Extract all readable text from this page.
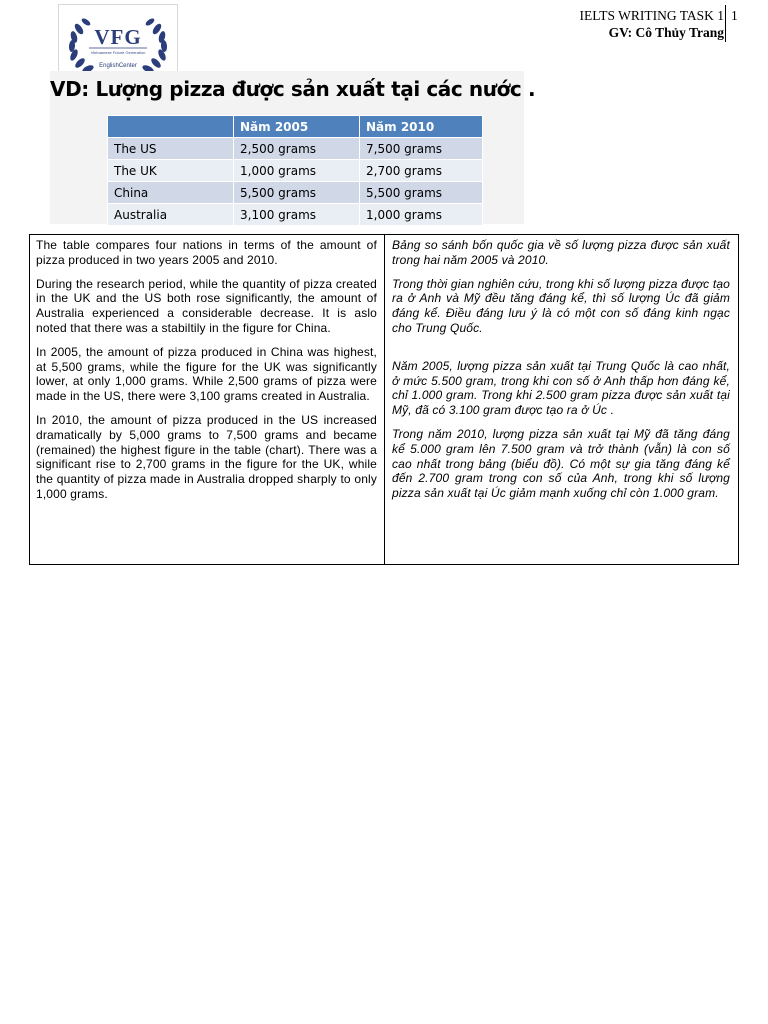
VFG
Vietnamese Future Generation
EnglishCenter
IELTS WRITING TASK 1
GV: Cô Thủy Trang
1
VD: Lượng pizza được sản xuất tại các nước .
	Năm 2005	Năm 2010
The US	2,500 grams	7,500 grams
The UK	1,000 grams	2,700 grams
China	5,500 grams	5,500 grams
Australia	3,100 grams	1,000 grams

The table compares four nations in terms of the amount of pizza produced in two years 2005 and 2010.

During the research period, while the quantity of pizza created in the UK and the US both rose significantly, the amount of Australia experienced a considerable decrease. It is aslo noted that there was a stabiltily in the figure for China.

In 2005, the amount of pizza produced in China was highest, at 5,500 grams, while the figure for the UK was significantly lower, at only 1,000 grams. While 2,500 grams of pizza were made in the US, there were 3,100 grams created in Australia.

In 2010, the amount of pizza produced in the US increased dramatically by 5,000 grams to 7,500 grams and became (remained) the highest figure in the table (chart). There was a significant rise to 2,700 grams in the figure for the UK, while the quantity of pizza made in Australia dropped sharply to only 1,000 grams.

Bảng so sánh bốn quốc gia về số lượng pizza được sản xuất trong hai năm 2005 và 2010.

Trong thời gian nghiên cứu, trong khi số lượng pizza được tạo ra ở Anh và Mỹ đều tăng đáng kể, thì số lượng Úc đã giảm đáng kể. Điều đáng lưu ý là có một con số đáng kinh ngạc cho Trung Quốc.

Năm 2005, lượng pizza sản xuất tại Trung Quốc là cao nhất, ở mức 5.500 gram, trong khi con số ở Anh thấp hơn đáng kể, chỉ 1.000 gram. Trong khi 2.500 gram pizza được sản xuất tại Mỹ, đã có 3.100 gram được tạo ra ở Úc .

Trong năm 2010, lượng pizza sản xuất tại Mỹ đã tăng đáng kể 5.000 gram lên 7.500 gram và trở thành (vẫn) là con số cao nhất trong bảng (biểu đồ). Có một sự gia tăng đáng kể đến 2.700 gram trong con số của Anh, trong khi số lượng pizza sản xuất tại Úc giảm mạnh xuống chỉ còn 1.000 gram.
